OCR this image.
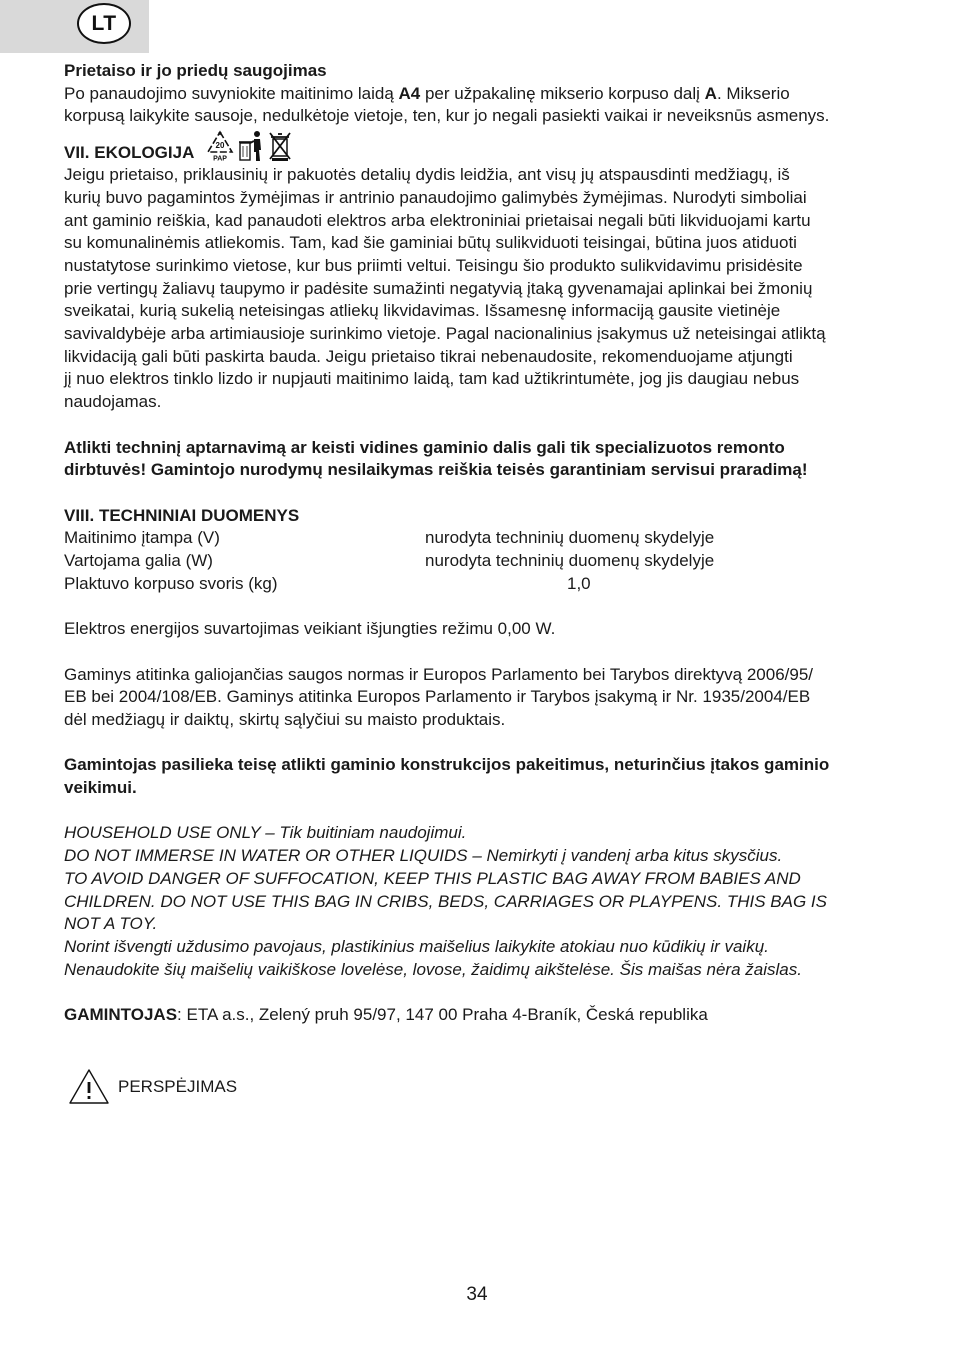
LT

Prietaiso ir jo priedų saugojimas

Po panaudojimo suvyniokite maitinimo laidą A4 per užpakalinę mikserio korpuso dalį A. Mikserio

korpusą laikykite sausoje, nedulkėtoje vietoje, ten, kur jo negali pasiekti vaikai ir neveiksnūs asmenys.

VII. EKOLOGIJA	20
PAP

Jeigu prietaiso, priklausinių ir pakuotės detalių dydis leidžia, ant visų jų atspausdinti medžiagų, iš

kurių buvo pagamintos žymėjimas ir antrinio panaudojimo galimybės žymėjimas. Nurodyti simboliai

ant gaminio reiškia, kad panaudoti elektros arba elektroniniai prietaisai negali būti likviduojami kartu

su komunalinėmis atliekomis. Tam, kad šie gaminiai būtų sulikviduoti teisingai, būtina juos atiduoti

nustatytose surinkimo vietose, kur bus priimti veltui. Teisingu šio produkto sulikvidavimu prisidėsite

prie vertingų žaliavų taupymo ir padėsite sumažinti negatyvią įtaką gyvenamajai aplinkai bei žmonių

sveikatai, kurią sukelią neteisingas atliekų likvidavimas. Išsamesnę informaciją gausite vietinėje

savivaldybėje arba artimiausioje surinkimo vietoje. Pagal nacionalinius įsakymus už neteisingai atliktą

likvidaciją gali būti paskirta bauda. Jeigu prietaiso tikrai nebenaudosite, rekomenduojame atjungti

jį nuo elektros tinklo lizdo ir nupjauti maitinimo laidą, tam kad užtikrintumėte, jog jis daugiau nebus

naudojamas.

Atlikti techninį aptarnavimą ar keisti vidines gaminio dalis gali tik specializuotos remonto

dirbtuvės! Gamintojo nurodymų nesilaikymas reiškia teisės garantiniam servisui praradimą!

VIII. TECHNINIAI DUOMENYS

Maitinimo įtampa (V)	nurodyta techninių duomenų skydelyje
Vartojama galia (W)	nurodyta techninių duomenų skydelyje
Plaktuvo korpuso svoris (kg)	1,0

Elektros energijos suvartojimas veikiant išjungties režimu 0,00 W.

Gaminys atitinka galiojančias saugos normas ir Europos Parlamento bei Tarybos direktyvą 2006/95/

EB bei 2004/108/EB. Gaminys atitinka Europos Parlamento ir Tarybos įsakymą ir Nr. 1935/2004/EB

dėl medžiagų ir daiktų, skirtų sąlyčiui su maisto produktais.

Gamintojas pasilieka teisę atlikti gaminio konstrukcijos pakeitimus, neturinčius įtakos gaminio

veikimui.

HOUSEHOLD USE ONLY – Tik buitiniam naudojimui.

DO NOT IMMERSE IN WATER OR OTHER LIQUIDS – Nemirkyti į vandenį arba kitus skysčius.

TO AVOID DANGER OF SUFFOCATION, KEEP THIS PLASTIC BAG AWAY FROM BABIES AND

CHILDREN. DO NOT USE THIS BAG IN CRIBS, BEDS, CARRIAGES OR PLAYPENS. THIS BAG IS

NOT A TOY.

Norint išvengti uždusimo pavojaus, plastikinius maišelius laikykite atokiau nuo kūdikių ir vaikų.

Nenaudokite šių maišelių vaikiškose lovelėse, lovose, žaidimų aikštelėse. Šis maišas nėra žaislas.

GAMINTOJAS: ETA a.s., Zelený pruh 95/97, 147 00 Praha 4-Braník, Česká republika

PERSPĖJIMAS
34
